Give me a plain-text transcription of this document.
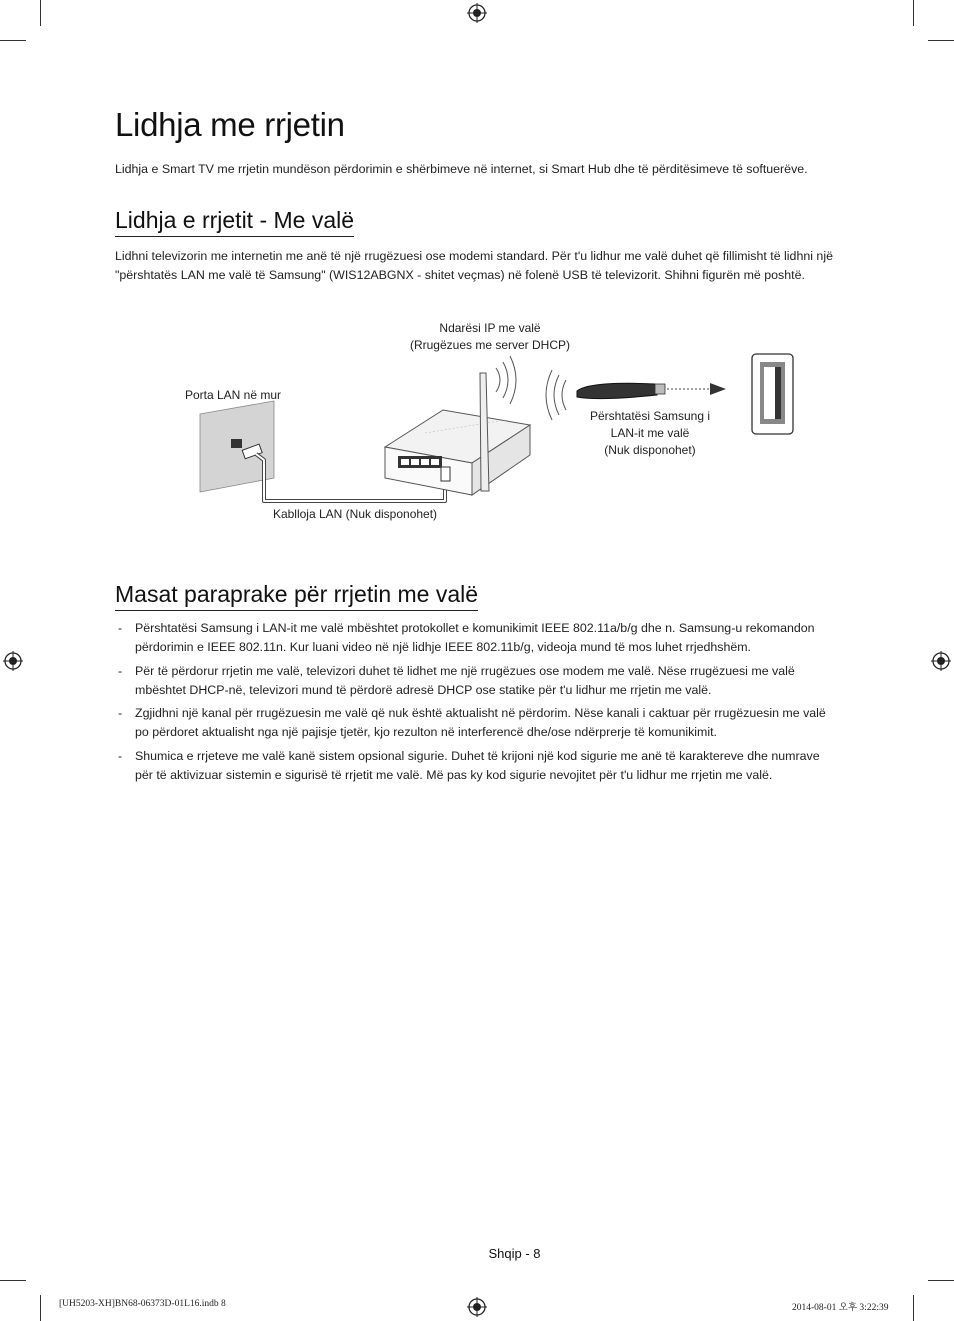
Lidhja me rrjetin

Lidhja e Smart TV me rrjetin mundëson përdorimin e shërbimeve në internet, si Smart Hub dhe të përditësimeve të softuerëve.

Lidhja e rrjetit - Me valë

Lidhni televizorin me internetin me anë të një rrugëzuesi ose modemi standard. Për t'u lidhur me valë duhet që fillimisht të lidhni një "përshtatës LAN me valë të Samsung" (WIS12ABGNX - shitet veçmas) në folenë USB të televizorit. Shihni figurën më poshtë.

Ndarësi IP me valë
(Rrugëzues me server DHCP)
Porta LAN në mur
Përshtatësi Samsung i
LAN-it me valë
(Nuk disponohet)
Kablloja LAN (Nuk disponohet)
Masat paraprake për rrjetin me valë
- Përshtatësi Samsung i LAN-it me valë mbështet protokollet e komunikimit IEEE 802.11a/b/g dhe n. Samsung-u rekomandon përdorimin e IEEE 802.11n. Kur luani video në një lidhje IEEE 802.11b/g, videoja mund të mos luhet rrjedhshëm.
- Për të përdorur rrjetin me valë, televizori duhet të lidhet me një rrugëzues ose modem me valë. Nëse rrugëzuesi me valë mbështet DHCP-në, televizori mund të përdorë adresë DHCP ose statike për t'u lidhur me rrjetin me valë.
- Zgjidhni një kanal për rrugëzuesin me valë që nuk është aktualisht në përdorim. Nëse kanali i caktuar për rrugëzuesin me valë po përdoret aktualisht nga një pajisje tjetër, kjo rezulton në interferencë dhe/ose ndërprerje të komunikimit.
- Shumica e rrjeteve me valë kanë sistem opsional sigurie. Duhet të krijoni një kod sigurie me anë të karaktereve dhe numrave për të aktivizuar sistemin e sigurisë të rrjetit me valë. Më pas ky kod sigurie nevojitet për t'u lidhur me rrjetin me valë.
Shqip - 8
[UH5203-XH]BN68-06373D-01L16.indb 8	2014-08-01 오후 3:22:39
